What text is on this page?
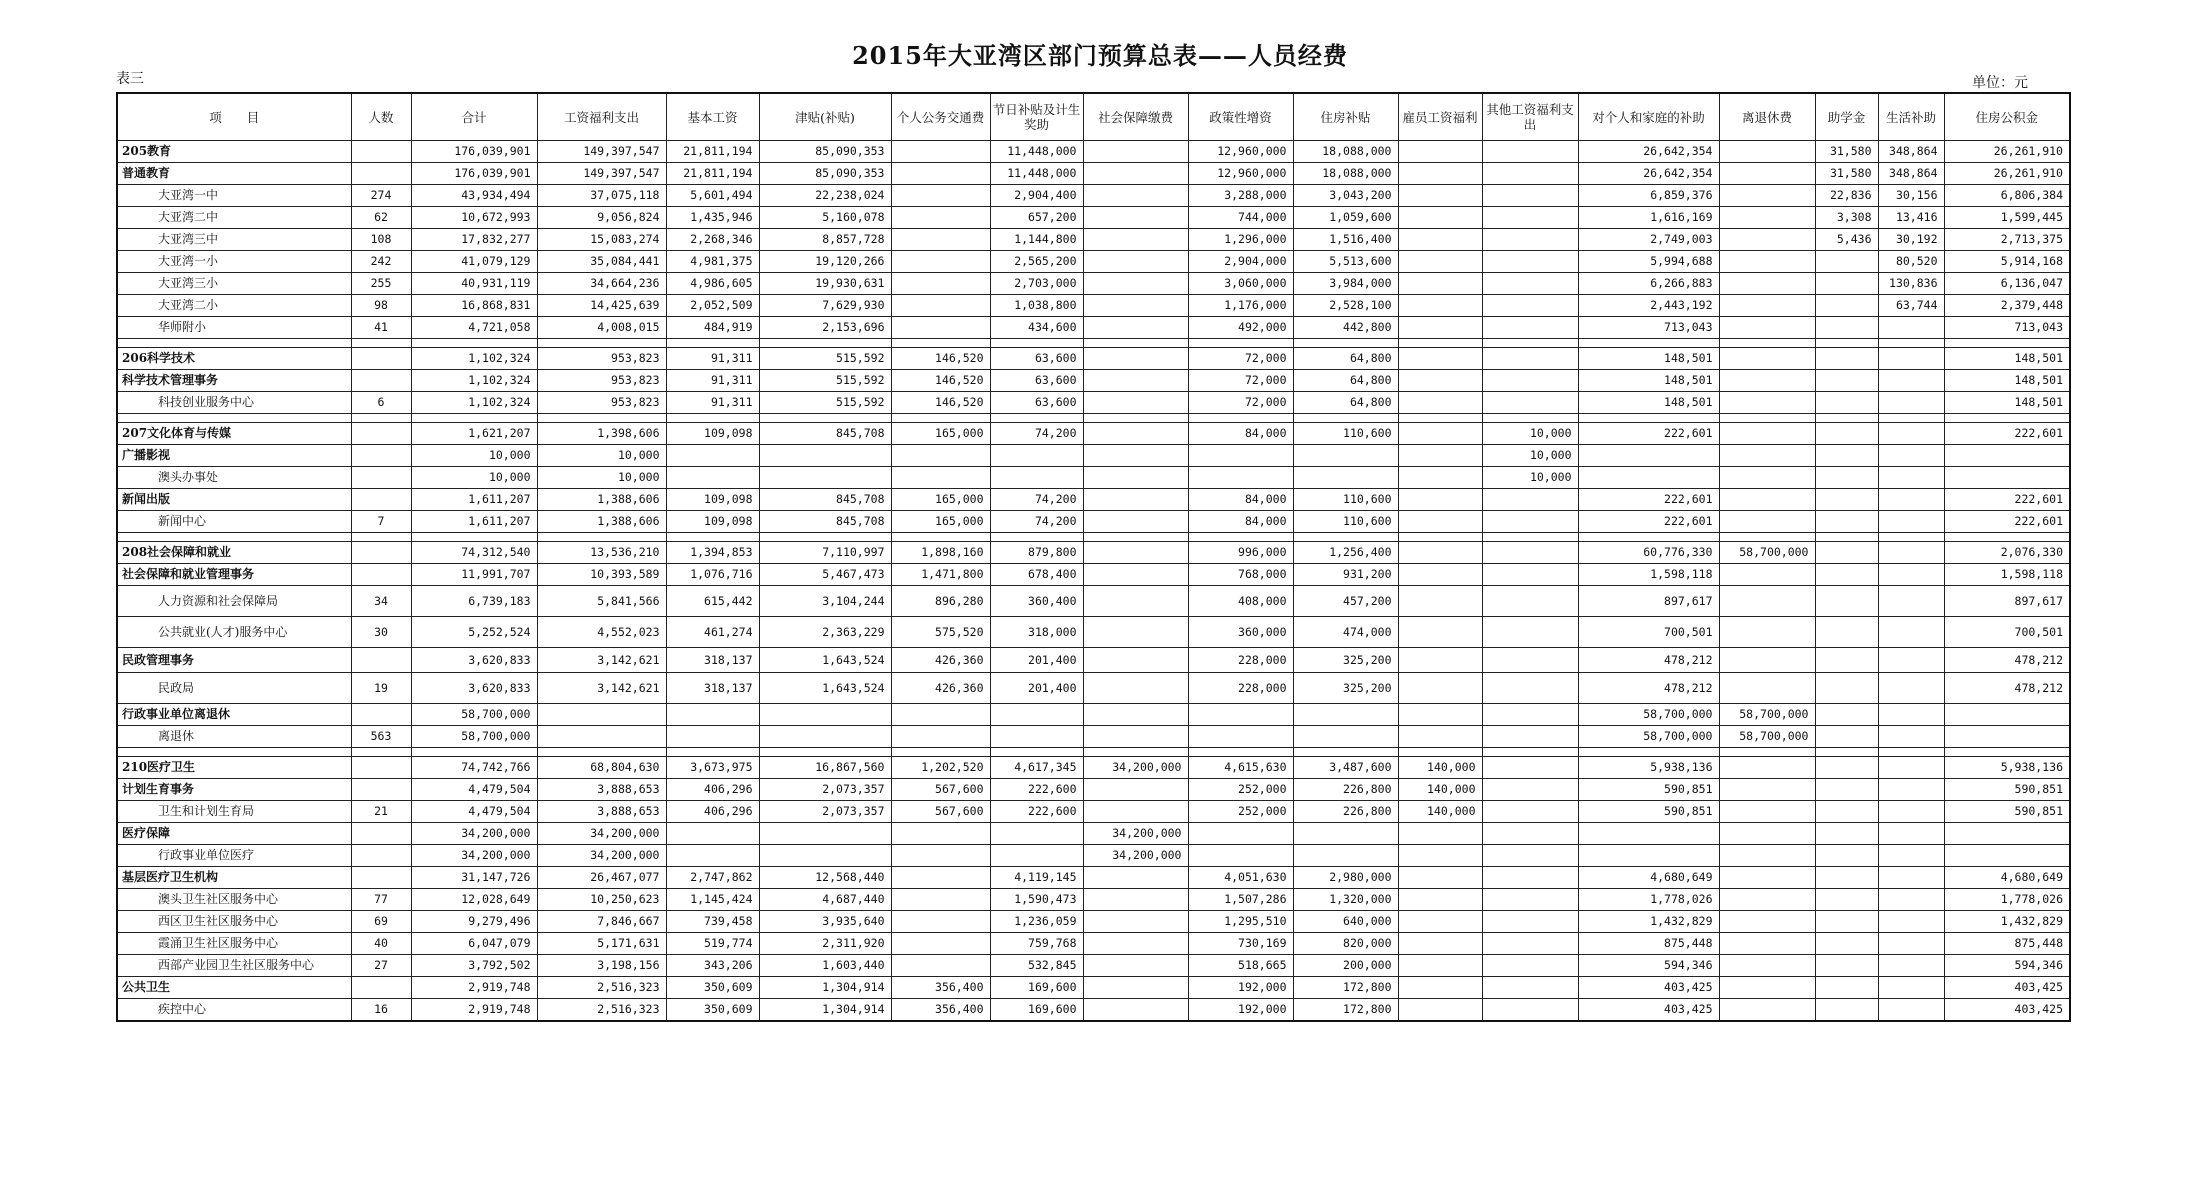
2015年大亚湾区部门预算总表——人员经费
表三	单位：元
项　　目	人数	合计	工资福利支出	基本工资	津贴(补贴)	个人公务交通费	节日补贴及计生奖助	社会保障缴费	政策性增资	住房补贴	雇员工资福利	其他工资福利支出	对个人和家庭的补助	离退休费	助学金	生活补助	住房公积金
205教育		176,039,901	149,397,547	21,811,194	85,090,353		11,448,000		12,960,000	18,088,000			26,642,354		31,580	348,864	26,261,910
普通教育		176,039,901	149,397,547	21,811,194	85,090,353		11,448,000		12,960,000	18,088,000			26,642,354		31,580	348,864	26,261,910
大亚湾一中	274	43,934,494	37,075,118	5,601,494	22,238,024		2,904,400		3,288,000	3,043,200			6,859,376		22,836	30,156	6,806,384
大亚湾二中	62	10,672,993	9,056,824	1,435,946	5,160,078		657,200		744,000	1,059,600			1,616,169		3,308	13,416	1,599,445
大亚湾三中	108	17,832,277	15,083,274	2,268,346	8,857,728		1,144,800		1,296,000	1,516,400			2,749,003		5,436	30,192	2,713,375
大亚湾一小	242	41,079,129	35,084,441	4,981,375	19,120,266		2,565,200		2,904,000	5,513,600			5,994,688			80,520	5,914,168
大亚湾三小	255	40,931,119	34,664,236	4,986,605	19,930,631		2,703,000		3,060,000	3,984,000			6,266,883			130,836	6,136,047
大亚湾二小	98	16,868,831	14,425,639	2,052,509	7,629,930		1,038,800		1,176,000	2,528,100			2,443,192			63,744	2,379,448
华师附小	41	4,721,058	4,008,015	484,919	2,153,696		434,600		492,000	442,800			713,043				713,043

206科学技术		1,102,324	953,823	91,311	515,592	146,520	63,600		72,000	64,800			148,501				148,501
科学技术管理事务		1,102,324	953,823	91,311	515,592	146,520	63,600		72,000	64,800			148,501				148,501
科技创业服务中心	6	1,102,324	953,823	91,311	515,592	146,520	63,600		72,000	64,800			148,501				148,501

207文化体育与传媒		1,621,207	1,398,606	109,098	845,708	165,000	74,200		84,000	110,600		10,000	222,601				222,601
广播影视		10,000	10,000									10,000					
澳头办事处		10,000	10,000									10,000					
新闻出版		1,611,207	1,388,606	109,098	845,708	165,000	74,200		84,000	110,600			222,601				222,601
新闻中心	7	1,611,207	1,388,606	109,098	845,708	165,000	74,200		84,000	110,600			222,601				222,601

208社会保障和就业		74,312,540	13,536,210	1,394,853	7,110,997	1,898,160	879,800		996,000	1,256,400			60,776,330	58,700,000			2,076,330
社会保障和就业管理事务		11,991,707	10,393,589	1,076,716	5,467,473	1,471,800	678,400		768,000	931,200			1,598,118				1,598,118
人力资源和社会保障局	34	6,739,183	5,841,566	615,442	3,104,244	896,280	360,400		408,000	457,200			897,617				897,617
公共就业(人才)服务中心	30	5,252,524	4,552,023	461,274	2,363,229	575,520	318,000		360,000	474,000			700,501				700,501
民政管理事务		3,620,833	3,142,621	318,137	1,643,524	426,360	201,400		228,000	325,200			478,212				478,212
民政局	19	3,620,833	3,142,621	318,137	1,643,524	426,360	201,400		228,000	325,200			478,212				478,212
行政事业单位离退休		58,700,000											58,700,000	58,700,000			
离退休	563	58,700,000											58,700,000	58,700,000			

210医疗卫生		74,742,766	68,804,630	3,673,975	16,867,560	1,202,520	4,617,345	34,200,000	4,615,630	3,487,600	140,000		5,938,136				5,938,136
计划生育事务		4,479,504	3,888,653	406,296	2,073,357	567,600	222,600		252,000	226,800	140,000		590,851				590,851
卫生和计划生育局	21	4,479,504	3,888,653	406,296	2,073,357	567,600	222,600		252,000	226,800	140,000		590,851				590,851
医疗保障		34,200,000	34,200,000					34,200,000									
行政事业单位医疗		34,200,000	34,200,000					34,200,000									
基层医疗卫生机构		31,147,726	26,467,077	2,747,862	12,568,440		4,119,145		4,051,630	2,980,000			4,680,649				4,680,649
澳头卫生社区服务中心	77	12,028,649	10,250,623	1,145,424	4,687,440		1,590,473		1,507,286	1,320,000			1,778,026				1,778,026
西区卫生社区服务中心	69	9,279,496	7,846,667	739,458	3,935,640		1,236,059		1,295,510	640,000			1,432,829				1,432,829
霞涌卫生社区服务中心	40	6,047,079	5,171,631	519,774	2,311,920		759,768		730,169	820,000			875,448				875,448
西部产业园卫生社区服务中心	27	3,792,502	3,198,156	343,206	1,603,440		532,845		518,665	200,000			594,346				594,346
公共卫生		2,919,748	2,516,323	350,609	1,304,914	356,400	169,600		192,000	172,800			403,425				403,425
疾控中心	16	2,919,748	2,516,323	350,609	1,304,914	356,400	169,600		192,000	172,800			403,425				403,425
